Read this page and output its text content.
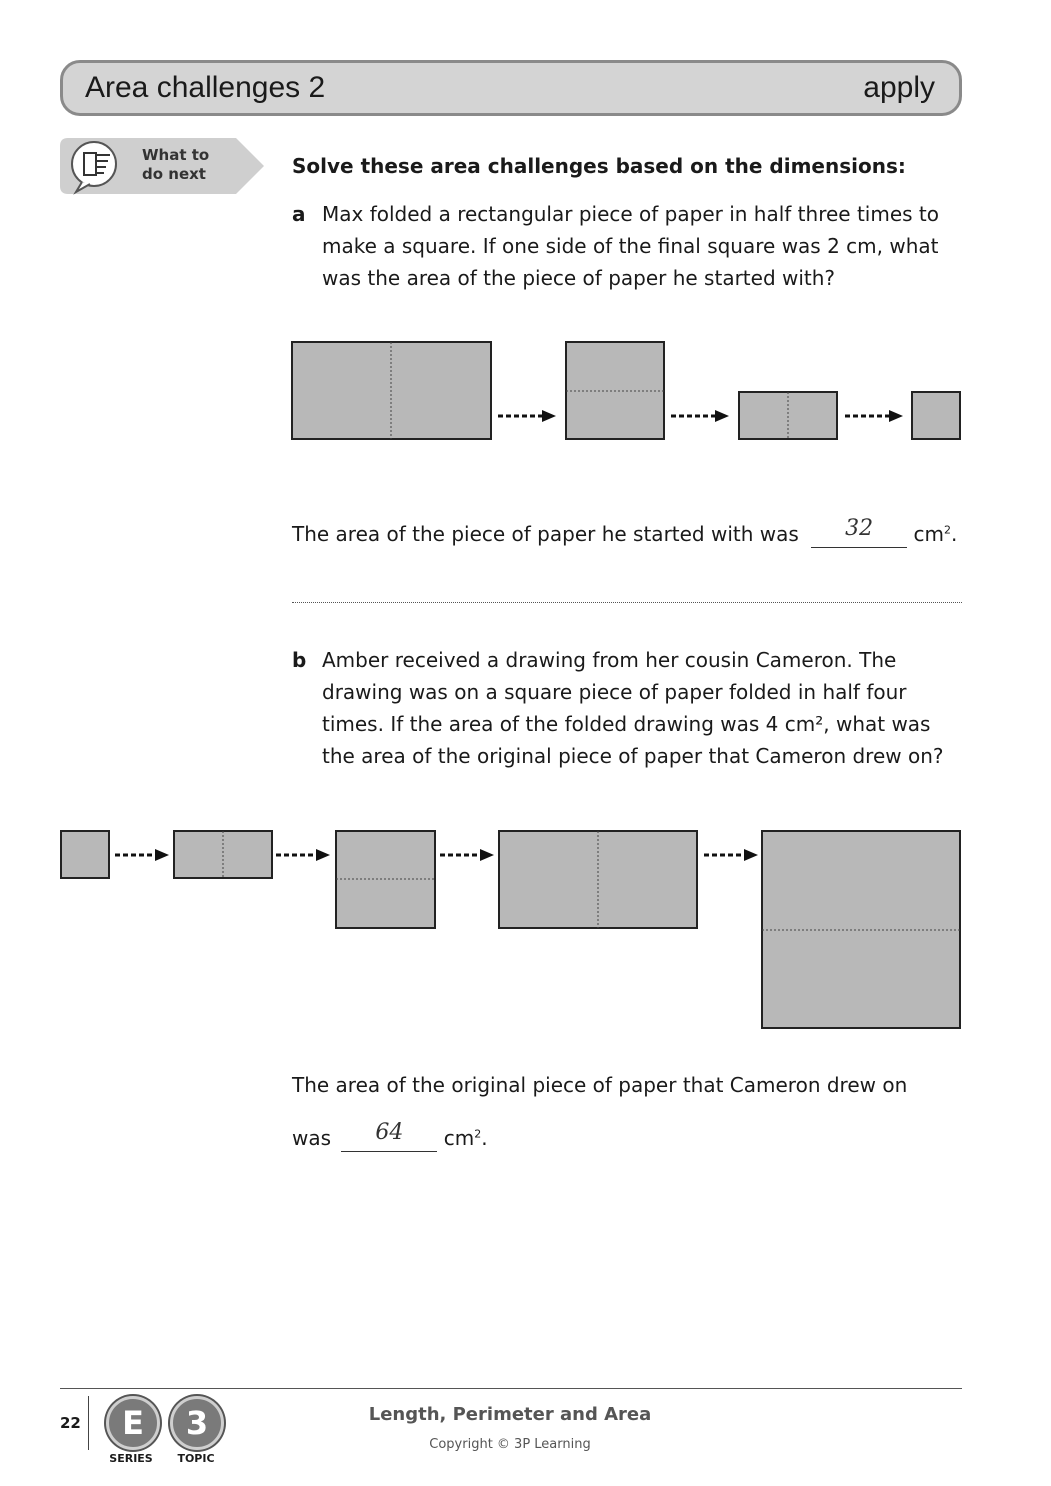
Area challenges 2	apply
What to do next	Solve these area challenges based on the dimensions:
a Max folded a rectangular piece of paper in half three times to
make a square. If one side of the final square was 2 cm, what
was the area of the piece of paper he started with?
The area of the piece of paper he started with was 32 $cm^2$.
b Amber received a drawing from her cousin Cameron. The
drawing was on a square piece of paper folded in half four
times. If the area of the folded drawing was 4 cm², what was
the area of the original piece of paper that Cameron drew on?
The area of the original piece of paper that Cameron drew on
was 64 $cm^2$.
22	E
SERIES
3
TOPIC
Length, Perimeter and Area
Copyright © 3P Learning
